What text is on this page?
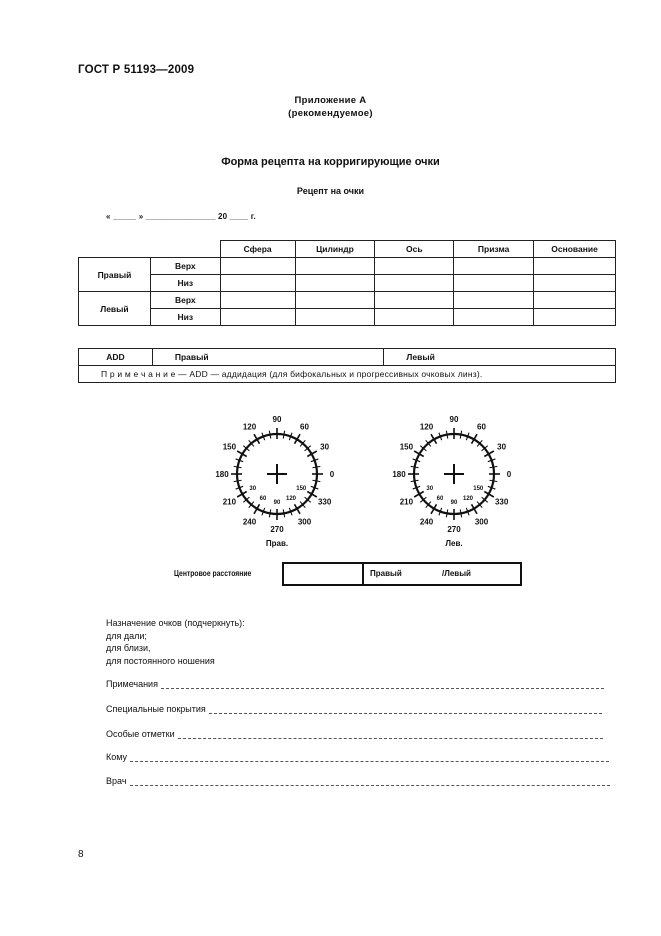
ГОСТ Р 51193—2009
Приложение А
(рекомендуемое)
Форма рецепта на корригирующие очки
Рецепт на очки
« _____ » _______________ 20 ____ г.
		Сфера	Цилиндр	Ось	Призма	Основание
Правый	Верх					
	Низ					
Левый	Верх					
	Низ					
ADD	Правый	Левый
П р и м е ч а н и е — ADD — аддидация (для бифокальных и прогрессивных очковых линз).
0
30
60
90
120
150
180
210
240
270
300
330
30
60
90
120
150
Прав.
0
30
60
90
120
150
180
210
240
270
300
330
30
60
90
120
150
Лев.
Центровое расстояние	Правый	/Левый
Назначение очков (подчеркнуть):
для дали;
для близи,
для постоянного ношения
Примечания
Специальные покрытия
Особые отметки
Кому
Врач
8
